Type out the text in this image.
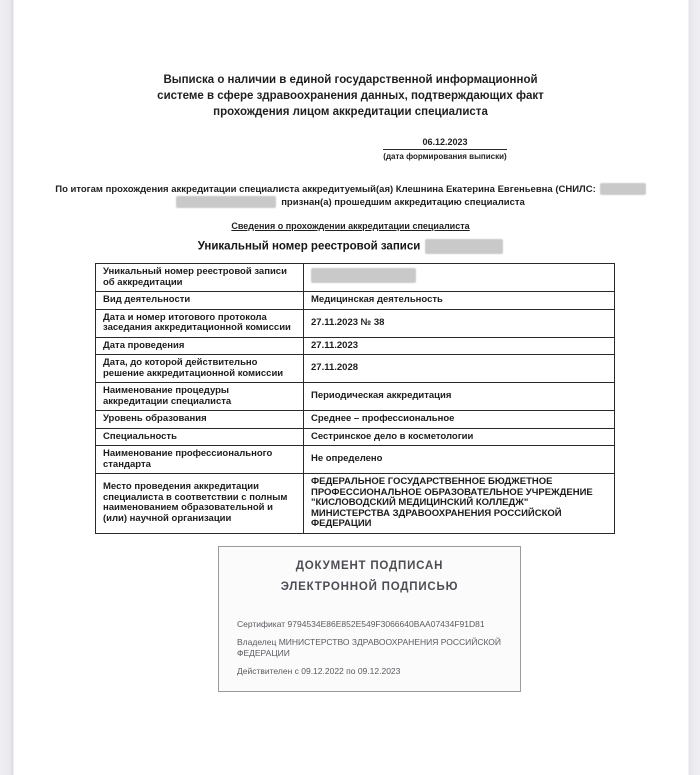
Выписка о наличии в единой государственной информационной
системе в сфере здравоохранения данных, подтверждающих факт
прохождения лицом аккредитации специалиста
06.12.2023
(дата формирования выписки)
По итогам прохождения аккредитации специалиста аккредитуемый(ая) Клешнина Екатерина Евгеньевна (СНИЛС:
признан(а) прошедшим аккредитацию специалиста
Сведения о прохождении аккредитации специалиста
Уникальный номер реестровой записи
Уникальный номер реестровой записи об аккредитации	
Вид деятельности	Медицинская деятельность
Дата и номер итогового протокола заседания аккредитационной комиссии	27.11.2023 № 38
Дата проведения	27.11.2023
Дата, до которой действительно решение аккредитационной комиссии	27.11.2028
Наименование процедуры аккредитации специалиста	Периодическая аккредитация
Уровень образования	Среднее – профессиональное
Специальность	Сестринское дело в косметологии
Наименование профессионального стандарта	Не определено
Место проведения аккредитации специалиста в соответствии с полным наименованием образовательной и (или) научной организации	ФЕДЕРАЛЬНОЕ ГОСУДАРСТВЕННОЕ БЮДЖЕТНОЕ ПРОФЕССИОНАЛЬНОЕ ОБРАЗОВАТЕЛЬНОЕ УЧРЕЖДЕНИЕ "КИСЛОВОДСКИЙ МЕДИЦИНСКИЙ КОЛЛЕДЖ" МИНИСТЕРСТВА ЗДРАВООХРАНЕНИЯ РОССИЙСКОЙ ФЕДЕРАЦИИ
ДОКУМЕНТ ПОДПИСАН
ЭЛЕКТРОННОЙ ПОДПИСЬЮ
Сертификат 9794534E86E852E549F3066640BAA07434F91D81
Владелец МИНИСТЕРСТВО ЗДРАВООХРАНЕНИЯ РОССИЙСКОЙ ФЕДЕРАЦИИ
Действителен с 09.12.2022 по 09.12.2023
